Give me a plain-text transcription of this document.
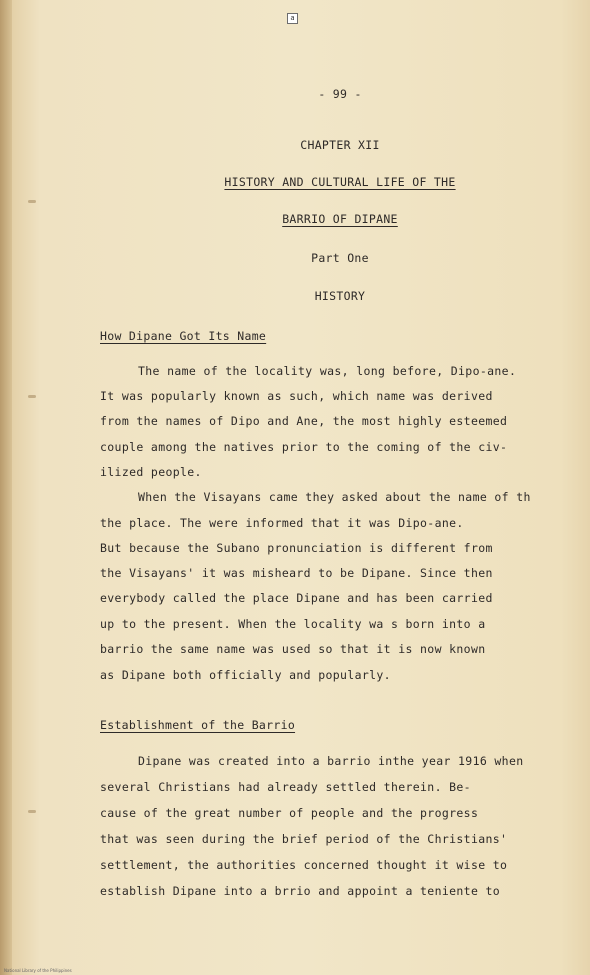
a
- 99 -
CHAPTER XII
HISTORY AND CULTURAL LIFE OF THE
BARRIO OF DIPANE
Part One
HISTORY
How Dipane Got Its Name
The name of the locality was, long before, Dipo-ane.
It was popularly known as such, which name was derived
from the names of Dipo and Ane, the most highly esteemed
couple among the natives prior to the coming of the civ-
ilized people.
When the Visayans came they asked about the name of th
the place. The were informed that it was Dipo-ane.
But because the Subano pronunciation is different from
the Visayans' it was misheard to be Dipane. Since then
everybody called the place Dipane and has been carried
up to the present. When the locality wa s born into a
barrio the same name was used so that it is now known
as Dipane both officially and popularly.
Establishment of the Barrio
Dipane was created into a barrio inthe year 1916 when
several Christians had already settled therein. Be-
cause of the great number of people and the progress
that was seen during the brief period of the Christians'
settlement, the authorities concerned thought it wise to
establish Dipane into a brrio and appoint a teniente to
National Library of the Philippines
